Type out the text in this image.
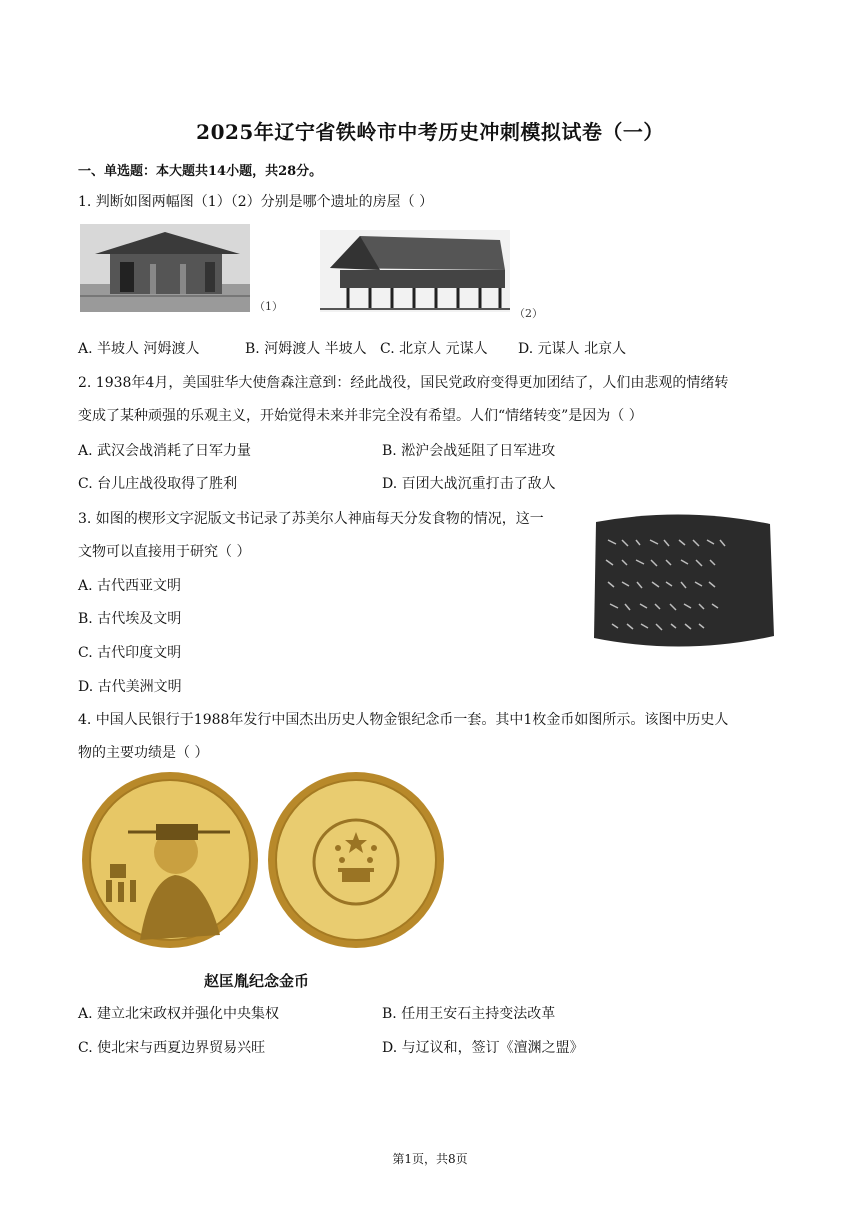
2025年辽宁省铁岭市中考历史冲刺模拟试卷（一）
一、单选题：本大题共14小题，共28分。
1. 判断如图两幅图（1）（2）分别是哪个遗址的房屋（ ）
（1）
（2）
A. 半坡人 河姆渡人	B. 河姆渡人 半坡人 C. 北京人 元谋人 D. 元谋人 北京人
2. 1938年4月，美国驻华大使詹森注意到：经此战役，国民党政府变得更加团结了，人们由悲观的情绪转
变成了某种顽强的乐观主义，开始觉得未来并非完全没有希望。人们“情绪转变”是因为（ ）
A. 武汉会战消耗了日军力量	B. 淞沪会战延阻了日军进攻
C. 台儿庄战役取得了胜利	D. 百团大战沉重打击了敌人
3. 如图的楔形文字泥版文书记录了苏美尔人神庙每天分发食物的情况，这一
文物可以直接用于研究（ ）
A. 古代西亚文明
B. 古代埃及文明
C. 古代印度文明
D. 古代美洲文明
4. 中国人民银行于1988年发行中国杰出历史人物金银纪念币一套。其中1枚金币如图所示。该图中历史人
物的主要功绩是（ ）
赵匡胤纪念金币
A. 建立北宋政权并强化中央集权	B. 任用王安石主持变法改革
C. 使北宋与西夏边界贸易兴旺	D. 与辽议和，签订《澶渊之盟》
第1页，共8页
